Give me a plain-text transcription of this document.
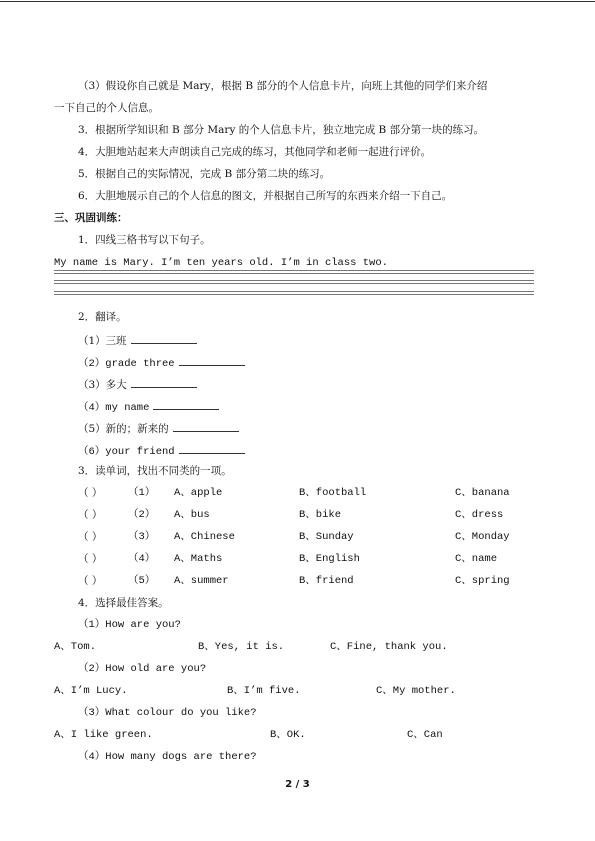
（3）假设你自己就是 Mary，根据 B 部分的个人信息卡片，向班上其他的同学们来介绍
一下自己的个人信息。
3．根据所学知识和 B 部分 Mary 的个人信息卡片，独立地完成 B 部分第一块的练习。
4．大胆地站起来大声朗读自己完成的练习，其他同学和老师一起进行评价。
5．根据自己的实际情况，完成 B 部分第二块的练习。
6．大胆地展示自己的个人信息的图文，并根据自己所写的东西来介绍一下自己。
三、巩固训练：
1．四线三格书写以下句子。
My name is Mary. I’m ten years old. I’m in class two.
2．翻译。
（1）三班
（2）grade three
（3）多大
（4）my name
（5）新的；新来的
（6）your friend
3．读单词，找出不同类的一项。
（ ） （1） A、apple	B、football	C、banana
（ ） （2） A、bus	B、bike	C、dress
（ ） （3） A、Chinese	B、Sunday	C、Monday
（ ） （4） A、Maths	B、English	C、name
（ ） （5） A、summer	B、friend	C、spring
4．选择最佳答案。
（1）How are you?
A、Tom.	B、Yes, it is.	C、Fine, thank you.
（2）How old are you?
A、I’m Lucy.	B、I’m five.	C、My mother.
（3）What colour do you like?
A、I like green.	B、OK.	C、Can
（4）How many dogs are there?
2 / 3
